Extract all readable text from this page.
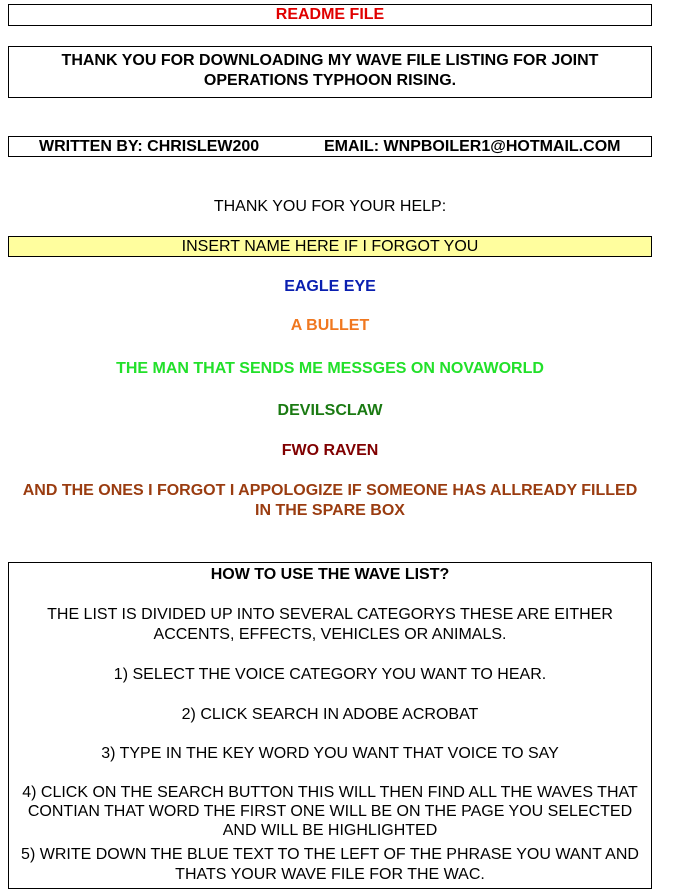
README FILE
THANK YOU FOR DOWNLOADING MY WAVE FILE LISTING FOR JOINT
OPERATIONS TYPHOON RISING.
WRITTEN BY: CHRISLEW200	EMAIL: WNPBOILER1@HOTMAIL.COM
THANK YOU FOR YOUR HELP:
INSERT NAME HERE IF I FORGOT YOU
EAGLE EYE
A BULLET
THE MAN THAT SENDS ME MESSGES ON NOVAWORLD
DEVILSCLAW
FWO RAVEN
AND THE ONES I FORGOT I APPOLOGIZE IF SOMEONE HAS ALLREADY FILLED
IN THE SPARE BOX
HOW TO USE THE WAVE LIST?
THE LIST IS DIVIDED UP INTO SEVERAL CATEGORYS THESE ARE EITHER
ACCENTS, EFFECTS, VEHICLES OR ANIMALS.
1) SELECT THE VOICE CATEGORY YOU WANT TO HEAR.
2) CLICK SEARCH IN ADOBE ACROBAT
3) TYPE IN THE KEY WORD YOU WANT THAT VOICE TO SAY
4) CLICK ON THE SEARCH BUTTON THIS WILL THEN FIND ALL THE WAVES THAT
CONTIAN THAT WORD THE FIRST ONE WILL BE ON THE PAGE YOU SELECTED
AND WILL BE HIGHLIGHTED
5) WRITE DOWN THE BLUE TEXT TO THE LEFT OF THE PHRASE YOU WANT AND
THATS YOUR WAVE FILE FOR THE WAC.
